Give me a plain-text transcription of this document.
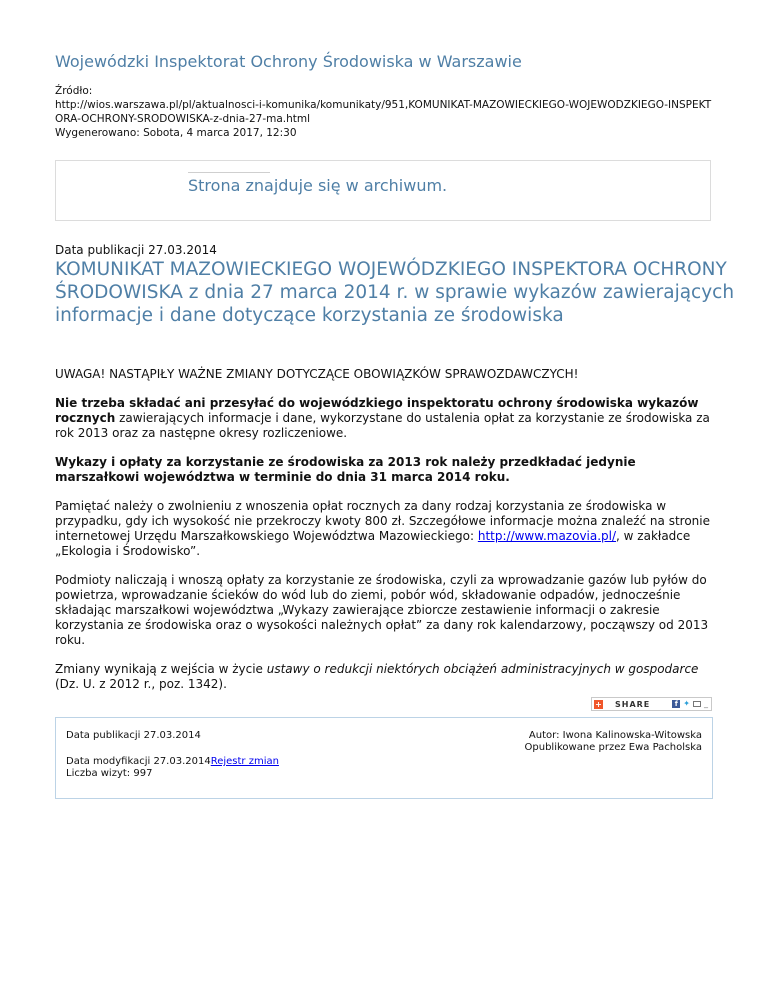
Wojewódzki Inspektorat Ochrony Środowiska w Warszawie
Źródło:
http://wios.warszawa.pl/pl/aktualnosci-i-komunika/komunikaty/951,KOMUNIKAT-MAZOWIECKIEGO-WOJEWODZKIEGO-INSPEKT
ORA-OCHRONY-SRODOWISKA-z-dnia-27-ma.html
Wygenerowano: Sobota, 4 marca 2017, 12:30
Strona znajduje się w archiwum.
Data publikacji 27.03.2014
KOMUNIKAT MAZOWIECKIEGO WOJEWÓDZKIEGO INSPEKTORA OCHRONY ŚRODOWISKA z dnia 27 marca 2014 r. w sprawie wykazów zawierających informacje i dane dotyczące korzystania ze środowiska

UWAGA! NASTĄPIŁY WAŻNE ZMIANY DOTYCZĄCE OBOWIĄZKÓW SPRAWOZDAWCZYCH!

Nie trzeba składać ani przesyłać do wojewódzkiego inspektoratu ochrony środowiska wykazów rocznych zawierających informacje i dane, wykorzystane do ustalenia opłat za korzystanie ze środowiska za rok 2013 oraz za następne okresy rozliczeniowe.

Wykazy i opłaty za korzystanie ze środowiska za 2013 rok należy przedkładać jedynie marszałkowi województwa w terminie do dnia 31 marca 2014 roku.

Pamiętać należy o zwolnieniu z wnoszenia opłat rocznych za dany rodzaj korzystania ze środowiska w przypadku, gdy ich wysokość nie przekroczy kwoty 800 zł. Szczegółowe informacje można znaleźć na stronie internetowej Urzędu Marszałkowskiego Województwa Mazowieckiego: http://www.mazovia.pl/, w zakładce „Ekologia i Środowisko”.

Podmioty naliczają i wnoszą opłaty za korzystanie ze środowiska, czyli za wprowadzanie gazów lub pyłów do powietrza, wprowadzanie ścieków do wód lub do ziemi, pobór wód, składowanie odpadów, jednocześnie składając marszałkowi województwa „Wykazy zawierające zbiorcze zestawienie informacji o zakresie korzystania ze środowiska oraz o wysokości należnych opłat” za dany rok kalendarzowy, począwszy od 2013 roku.

Zmiany wynikają z wejścia w życie ustawy o redukcji niektórych obciążeń administracyjnych w gospodarce (Dz. U. z 2012 r., poz. 1342).

+ SHARE	f ✦ _
Data publikacji 27.03.2014
Data modyfikacji 27.03.2014Rejestr zmian
Liczba wizyt: 997
Autor: Iwona Kalinowska-Witowska
Opublikowane przez Ewa Pacholska
